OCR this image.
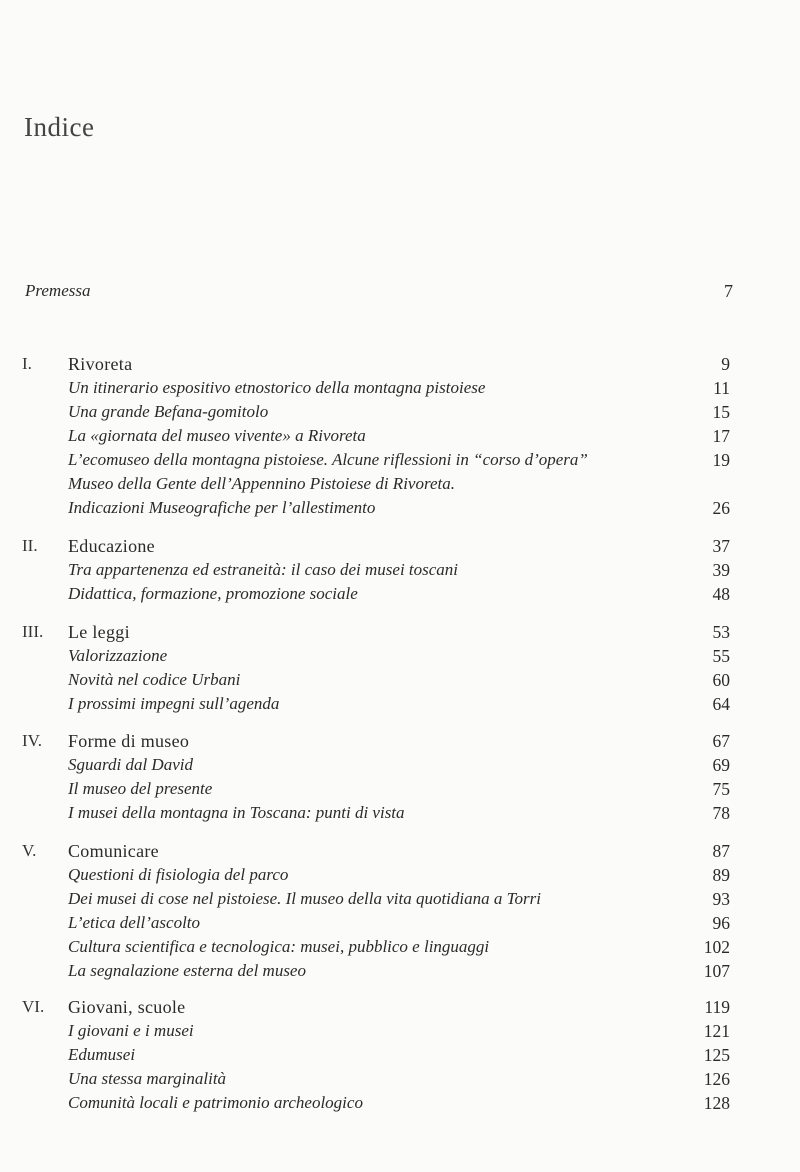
Indice
Premessa	7
I. Rivoreta	9
Un itinerario espositivo etnostorico della montagna pistoiese	11
Una grande Befana-gomitolo	15
La «giornata del museo vivente» a Rivoreta	17
L’ecomuseo della montagna pistoiese. Alcune riflessioni in “corso d’opera”	19
Museo della Gente dell’Appennino Pistoiese di Rivoreta.
Indicazioni Museografiche per l’allestimento	26
II. Educazione	37
Tra appartenenza ed estraneità: il caso dei musei toscani	39
Didattica, formazione, promozione sociale	48
III. Le leggi	53
Valorizzazione	55
Novità nel codice Urbani	60
I prossimi impegni sull’agenda	64
IV. Forme di museo	67
Sguardi dal David	69
Il museo del presente	75
I musei della montagna in Toscana: punti di vista	78
V. Comunicare	87
Questioni di fisiologia del parco	89
Dei musei di cose nel pistoiese. Il museo della vita quotidiana a Torri	93
L’etica dell’ascolto	96
Cultura scientifica e tecnologica: musei, pubblico e linguaggi	102
La segnalazione esterna del museo	107
VI. Giovani, scuole	119
I giovani e i musei	121
Edumusei	125
Una stessa marginalità	126
Comunità locali e patrimonio archeologico	128
